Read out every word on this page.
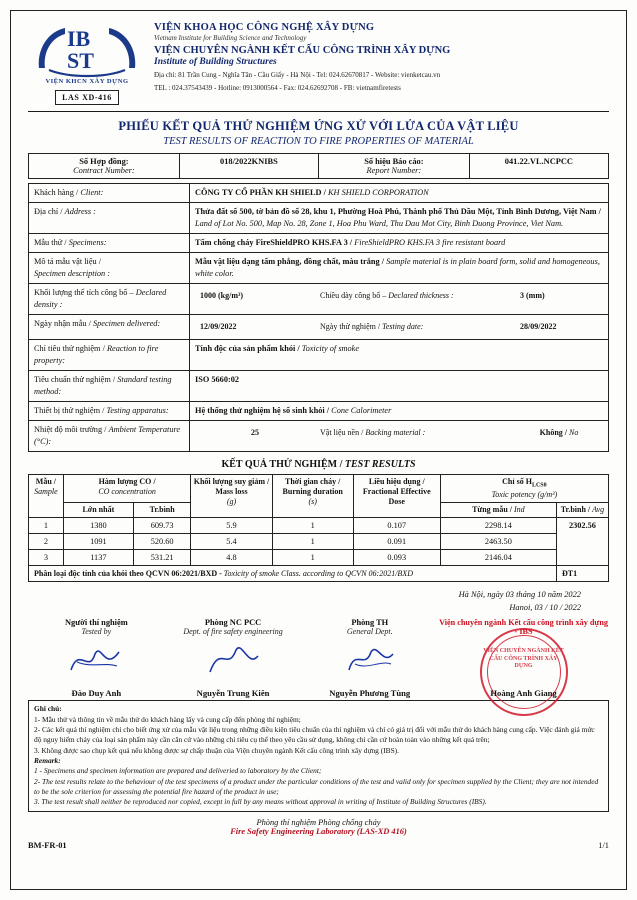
IB
ST
VIỆN KHCN XÂY DỰNG
LAS XD-416
VIỆN KHOA HỌC CÔNG NGHỆ XÂY DỰNG
Vietnam Institute for Building Science and Technology
VIỆN CHUYÊN NGÀNH KẾT CẤU CÔNG TRÌNH XÂY DỰNG
Institute of Building Structures
Địa chỉ: 81 Trần Cung - Nghĩa Tân - Cầu Giấy - Hà Nội - Tel: 024.62670817 - Website: vienketcau.vn
TEL : 024.37543439 - Hotline: 0913000564 - Fax: 024.62692708 - FB: vietnamfiretests
PHIẾU KẾT QUẢ THỬ NGHIỆM ỨNG XỬ VỚI LỬA CỦA VẬT LIỆU
TEST RESULTS OF REACTION TO FIRE PROPERTIES OF MATERIAL
Số Hợp đồng:
Contract Number:	018/2022KNIBS	Số hiệu Báo cáo:
Report Number:	041.22.VL.NCPCC
Khách hàng / Client:	CÔNG TY CỔ PHẦN KH SHIELD / KH SHIELD CORPORATION
Địa chỉ / Address :	Thửa đất số 500, tờ bản đồ số 28, khu 1, Phường Hoà Phú, Thành phố Thủ Dầu Một, Tỉnh Bình Dương, Việt Nam / Land of Lot No. 500, Map No. 28, Zone 1, Hoa Phu Ward, Thu Dau Mot City, Binh Duong Province, Viet Nam.
Mẫu thử / Specimens:	Tấm chống cháy FireShieldPRO KHS.FA 3 / FireShieldPRO KHS.FA 3 fire resistant board
Mô tả mẫu vật liệu /
Specimen description :	Mẫu vật liệu dạng tấm phẳng, đồng chất, màu trắng / Sample material is in plain board form, solid and homogeneous, white color.
Khối lượng thể tích công bố – Declared density :	
1000 (kg/m³)	Chiều dày công bố – Declared thickness :	3 (mm)

Ngày nhận mẫu / Specimen delivered:		12/09/2022	Ngày thử nghiệm / Testing date:	28/09/2022

Chỉ tiêu thử nghiệm / Reaction to fire property:	Tính độc của sản phẩm khói / Toxicity of smoke
Tiêu chuẩn thử nghiệm / Standard testing method:	ISO 5660:02
Thiết bị thử nghiệm / Testing apparatus:	Hệ thống thử nghiệm hệ số sinh khói / Cone Calorimeter
Nhiệt độ môi trường / Ambient Temperature (°C):	
25	Vật liệu nền / Backing material :	Không / No
KẾT QUẢ THỬ NGHIỆM / TEST RESULTS
Mẫu /
Sample	Hàm lượng CO /
CO concentration		Khối lượng suy giảm / Mass loss
(g)	Thời gian cháy / Burning duration
(s)	Liều hiệu dụng / Fractional Effective Dose	Chỉ số $H_{LCS0}$
Toxic potency (g/m³)	

	Lớn nhất	Tr.bình				Từng mẫu / Ind	Tr.bình / Avg
1	1380	609.73	5.9	1	0.107	2298.14	2302.56
2	1091	520.60	5.4	1	0.091	2463.50	
3	1137	531.21	4.8	1	0.093	2146.04	
Phân loại độc tính của khói theo QCVN 06:2021/BXD - Toxicity of smoke Class. according to QCVN 06:2021/BXD							ĐT1
Hà Nội, ngày 03 tháng 10 năm 2022
Hanoi, 03 / 10 / 2022
Người thí nghiệm
Tested by
Đào Duy Anh
Phòng NC PCC
Dept. of fire safety engineering
Nguyễn Trung Kiên
Phòng TH
General Dept.
Nguyễn Phương Tùng
Viện chuyên ngành Kết cấu công trình xây dựng - IBS
VIỆN CHUYÊN NGÀNH KẾT CẤU CÔNG TRÌNH XÂY DỰNG
Hoàng Anh Giang
Ghi chú:
1- Mẫu thử và thông tin về mẫu thử do khách hàng lấy và cung cấp đến phòng thí nghiệm;
2- Các kết quả thí nghiệm chỉ cho biết ứng xử của mẫu vật liệu trong những điều kiện tiêu chuẩn của thí nghiệm và chỉ có giá trị đối với mẫu thử do khách hàng cung cấp. Việc đánh giá mức độ nguy hiểm cháy của loại sản phẩm này cần căn cứ vào những chỉ tiêu cụ thể theo yêu cầu sử dụng, không chỉ cần cứ hoàn toàn vào những kết quả trên;
3. Không được sao chụp kết quả nếu không được sự chấp thuận của Viện chuyên ngành Kết cấu công trình xây dựng (IBS).
Remark:
1 - Specimens and specimen information are prepared and deliveried to laboratory by the Client;
2- The test results relate to the behaviour of the test specimens of a product under the particular conditions of the test and valid only for specimen supplied by the Client; they are not intended to be the sole criterion for assessing the potential fire hazard of the product in use;
3. The test result shall neither be reproduced nor copied, except in full by any means without approval in writing of Institute of Building Structures (IBS).
Phòng thí nghiệm Phòng chống cháy
Fire Safety Engineering Laboratory (LAS-XD 416)
BM-FR-01	1/1
